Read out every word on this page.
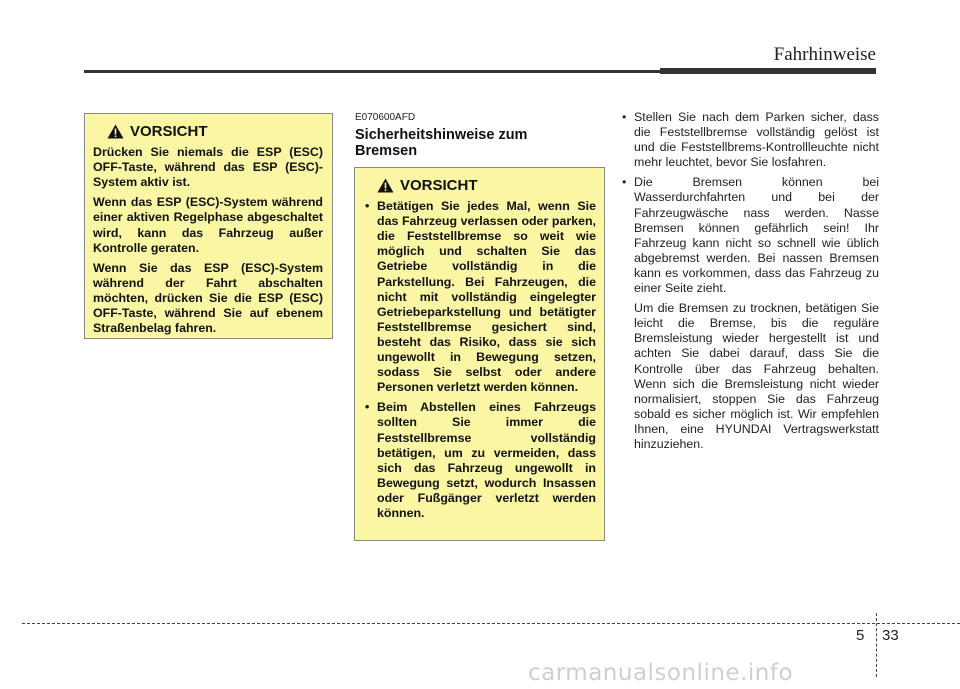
Fahrhinweise
VORSICHT

Drücken Sie niemals die ESP (ESC) OFF-Taste, während das ESP (ESC)-System aktiv ist.

Wenn das ESP (ESC)-System während einer aktiven Regelphase abgeschaltet wird, kann das Fahrzeug außer Kontrolle geraten.

Wenn Sie das ESP (ESC)-System während der Fahrt abschalten möchten, drücken Sie die ESP (ESC) OFF-Taste, während Sie auf ebenem Straßenbelag fahren.

E070600AFD
Sicherheitshinweise zum
Bremsen
VORSICHT
• Betätigen Sie jedes Mal, wenn Sie das Fahrzeug verlassen oder parken, die Feststellbremse so weit wie möglich und schalten Sie das Getriebe vollständig in die Parkstellung. Bei Fahrzeugen, die nicht mit vollständig eingelegter Getriebeparkstellung und betätigter Feststellbremse gesichert sind, besteht das Risiko, dass sie sich ungewollt in Bewegung setzen, sodass Sie selbst oder andere Personen verletzt werden können.
• Beim Abstellen eines Fahrzeugs sollten Sie immer die Feststellbremse vollständig betätigen, um zu vermeiden, dass sich das Fahrzeug ungewollt in Bewegung setzt, wodurch Insassen oder Fußgänger verletzt werden können.
• Stellen Sie nach dem Parken sicher, dass die Feststellbremse vollständig gelöst ist und die Feststellbrems-Kontrollleuchte nicht mehr leuchtet, bevor Sie losfahren.
• Die Bremsen können bei Wasserdurchfahrten und bei der Fahrzeugwäsche nass werden. Nasse Bremsen können gefährlich sein! Ihr Fahrzeug kann nicht so schnell wie üblich abgebremst werden. Bei nassen Bremsen kann es vorkommen, dass das Fahrzeug zu einer Seite zieht.

Um die Bremsen zu trocknen, betätigen Sie leicht die Bremse, bis die reguläre Bremsleistung wieder hergestellt ist und achten Sie dabei darauf, dass Sie die Kontrolle über das Fahrzeug behalten. Wenn sich die Bremsleistung nicht wieder normalisiert, stoppen Sie das Fahrzeug sobald es sicher möglich ist. Wir empfehlen Ihnen, eine HYUNDAI Vertragswerkstatt hinzuziehen.

5 33
carmanualsonline.info
